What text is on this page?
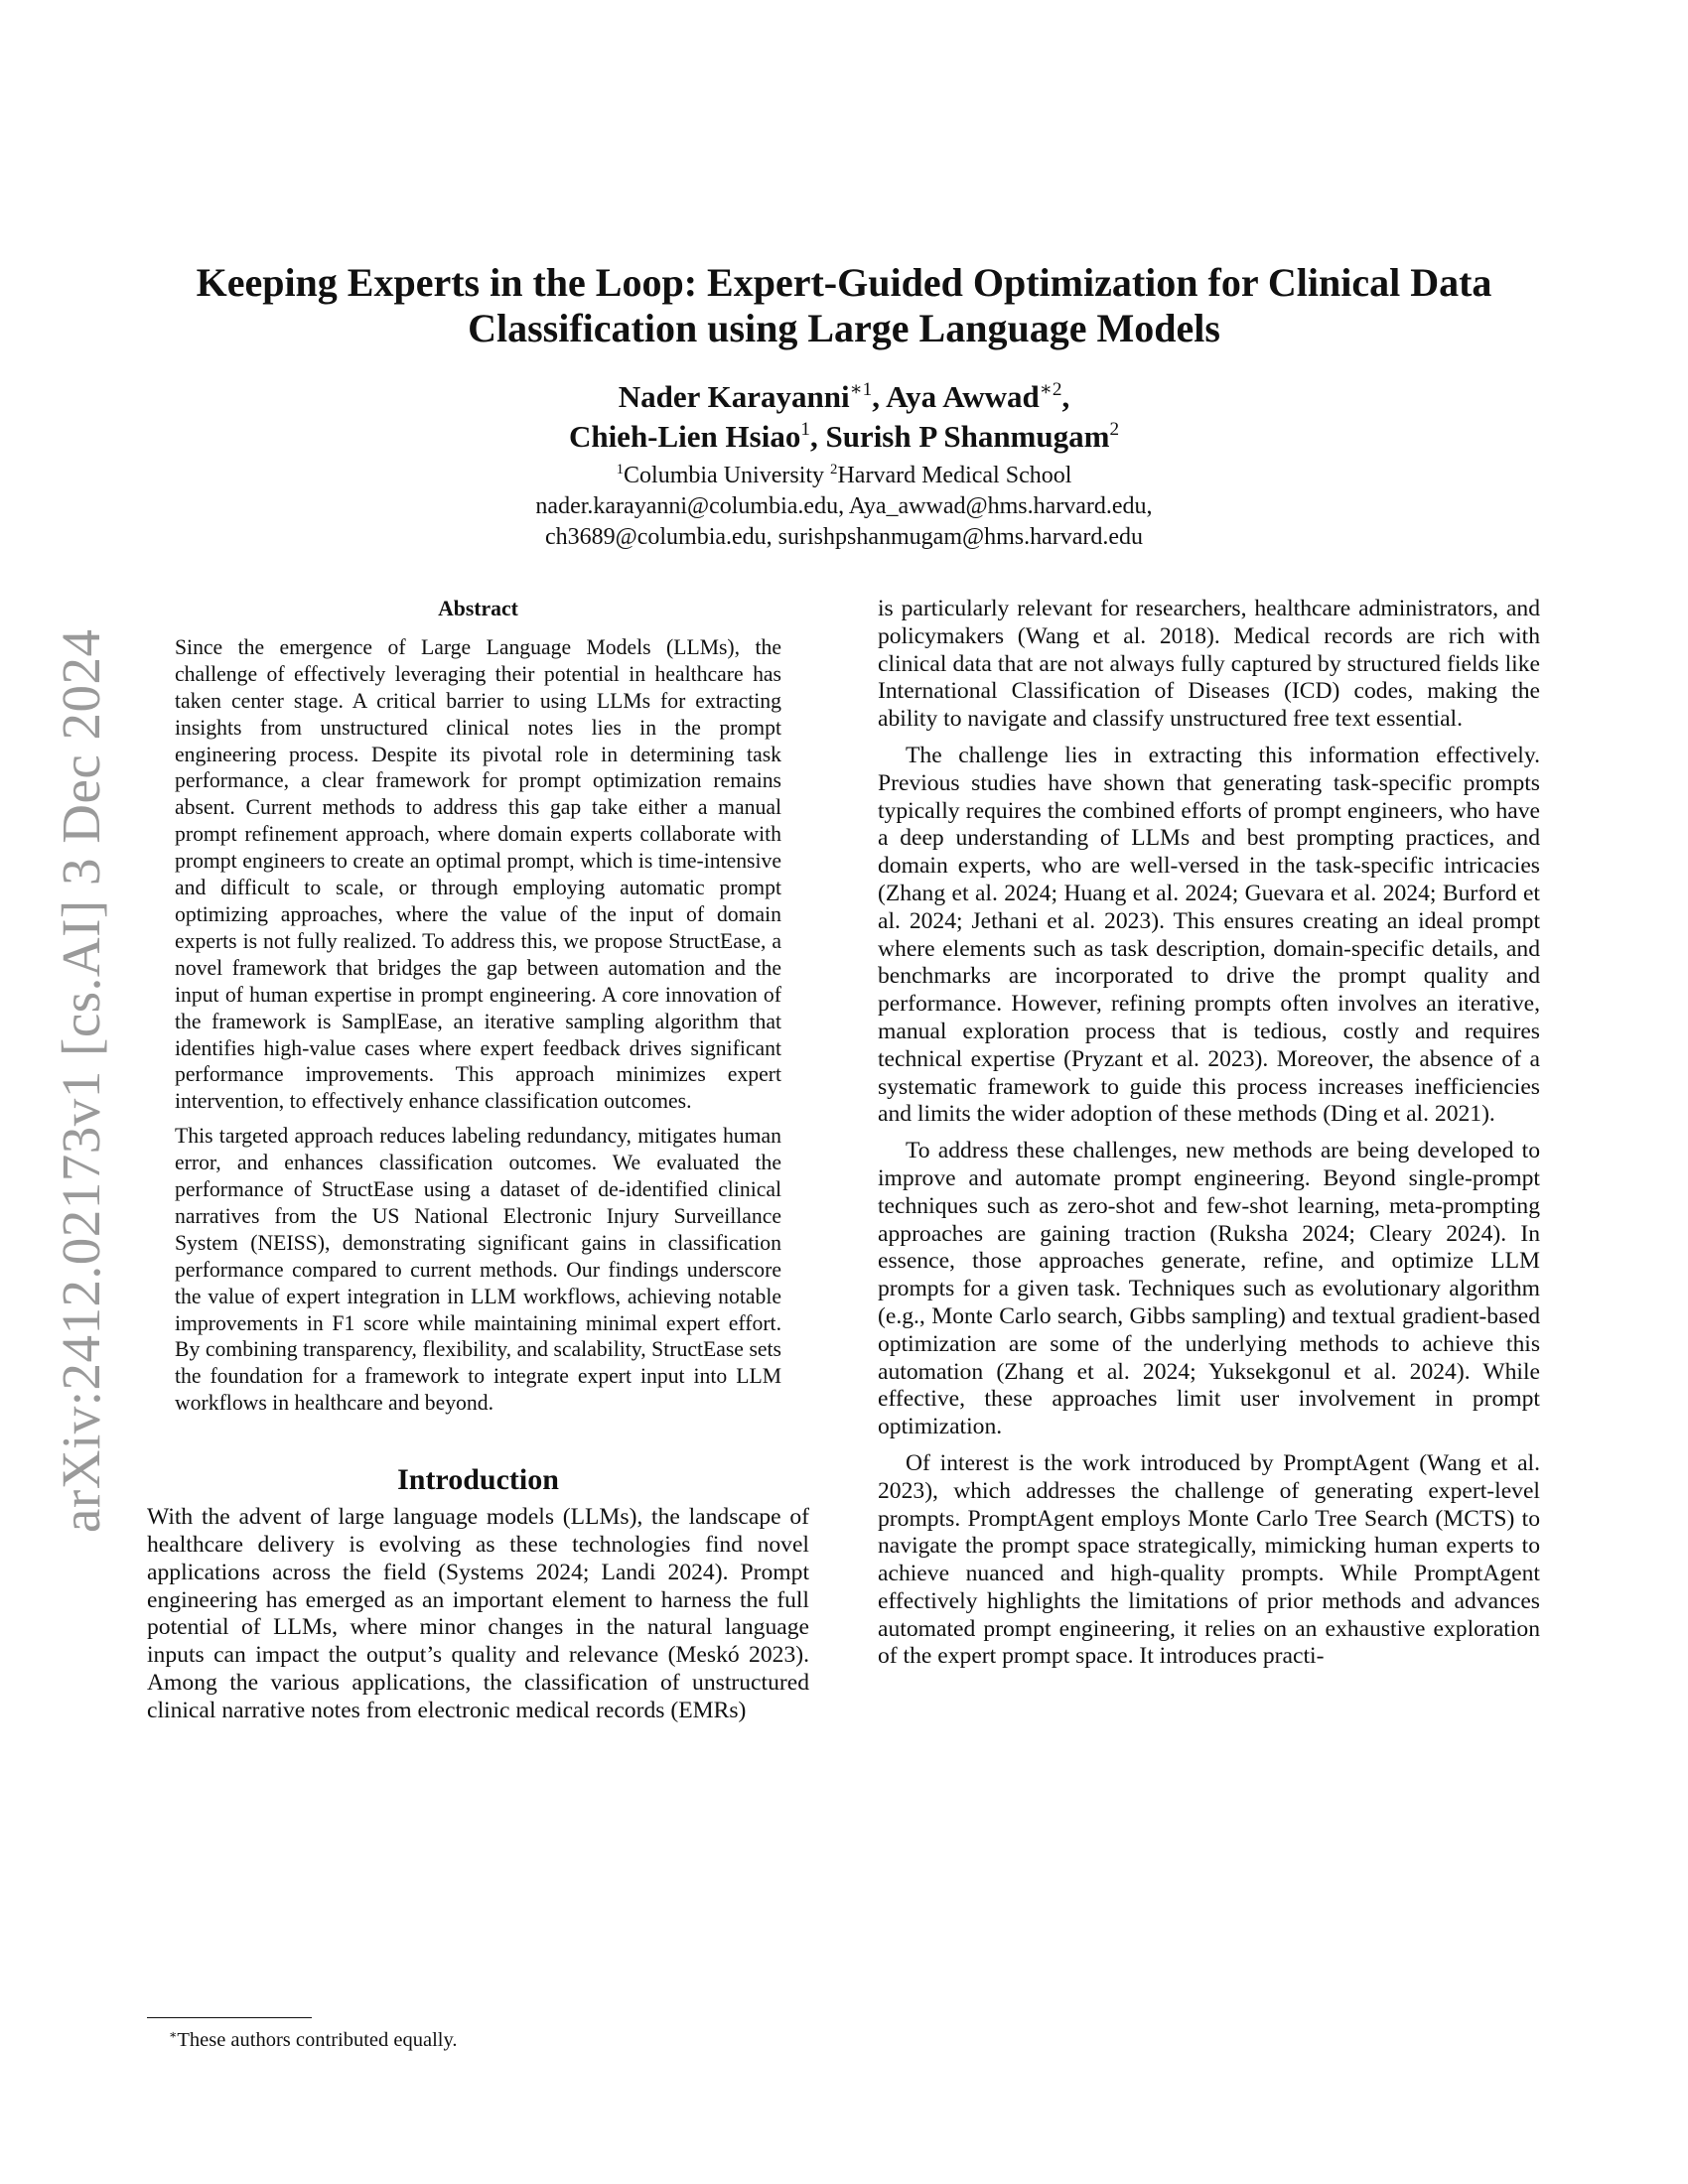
arXiv:2412.02173v1 [cs.AI] 3 Dec 2024
Keeping Experts in the Loop: Expert-Guided Optimization for Clinical Data
Classification using Large Language Models
Nader Karayanni$^{∗1}$, Aya Awwad$^{∗2}$,
Chieh-Lien Hsiao$^1$, Surish P Shanmugam$^2$
$^1$Columbia University $^2$Harvard Medical School
nader.karayanni@columbia.edu, Aya_awwad@hms.harvard.edu,
ch3689@columbia.edu, surishpshanmugam@hms.harvard.edu

Abstract

Since the emergence of Large Language Models (LLMs), the challenge of effectively leveraging their potential in healthcare has taken center stage. A critical barrier to using LLMs for extracting insights from unstructured clinical notes lies in the prompt engineering process. Despite its pivotal role in determining task performance, a clear framework for prompt optimization remains absent. Current methods to address this gap take either a manual prompt refinement approach, where domain experts collaborate with prompt engineers to create an optimal prompt, which is time-intensive and difficult to scale, or through employing automatic prompt optimizing approaches, where the value of the input of domain experts is not fully realized. To address this, we propose StructEase, a novel framework that bridges the gap between automation and the input of human expertise in prompt engineering. A core innovation of the framework is SamplEase, an iterative sampling algorithm that identifies high-value cases where expert feedback drives significant performance improvements. This approach minimizes expert intervention, to effectively enhance classification outcomes.

This targeted approach reduces labeling redundancy, mitigates human error, and enhances classification outcomes. We evaluated the performance of StructEase using a dataset of de-identified clinical narratives from the US National Electronic Injury Surveillance System (NEISS), demonstrating significant gains in classification performance compared to current methods. Our findings underscore the value of expert integration in LLM workflows, achieving notable improvements in F1 score while maintaining minimal expert effort. By combining transparency, flexibility, and scalability, StructEase sets the foundation for a framework to integrate expert input into LLM workflows in healthcare and beyond.

Introduction

With the advent of large language models (LLMs), the landscape of healthcare delivery is evolving as these technologies find novel applications across the field (Systems 2024; Landi 2024). Prompt engineering has emerged as an important element to harness the full potential of LLMs, where minor changes in the natural language inputs can impact the output’s quality and relevance (Meskó 2023). Among the various applications, the classification of unstructured clinical narrative notes from electronic medical records (EMRs)

is particularly relevant for researchers, healthcare administrators, and policymakers (Wang et al. 2018). Medical records are rich with clinical data that are not always fully captured by structured fields like International Classification of Diseases (ICD) codes, making the ability to navigate and classify unstructured free text essential.

The challenge lies in extracting this information effectively. Previous studies have shown that generating task-specific prompts typically requires the combined efforts of prompt engineers, who have a deep understanding of LLMs and best prompting practices, and domain experts, who are well-versed in the task-specific intricacies (Zhang et al. 2024; Huang et al. 2024; Guevara et al. 2024; Burford et al. 2024; Jethani et al. 2023). This ensures creating an ideal prompt where elements such as task description, domain-specific details, and benchmarks are incorporated to drive the prompt quality and performance. However, refining prompts often involves an iterative, manual exploration process that is tedious, costly and requires technical expertise (Pryzant et al. 2023). Moreover, the absence of a systematic framework to guide this process increases inefficiencies and limits the wider adoption of these methods (Ding et al. 2021).

To address these challenges, new methods are being developed to improve and automate prompt engineering. Beyond single-prompt techniques such as zero-shot and few-shot learning, meta-prompting approaches are gaining traction (Ruksha 2024; Cleary 2024). In essence, those approaches generate, refine, and optimize LLM prompts for a given task. Techniques such as evolutionary algorithm (e.g., Monte Carlo search, Gibbs sampling) and textual gradient-based optimization are some of the underlying methods to achieve this automation (Zhang et al. 2024; Yuksekgonul et al. 2024). While effective, these approaches limit user involvement in prompt optimization.

Of interest is the work introduced by PromptAgent (Wang et al. 2023), which addresses the challenge of generating expert-level prompts. PromptAgent employs Monte Carlo Tree Search (MCTS) to navigate the prompt space strategically, mimicking human experts to achieve nuanced and high-quality prompts. While PromptAgent effectively highlights the limitations of prior methods and advances automated prompt engineering, it relies on an exhaustive exploration of the expert prompt space. It introduces practi-

∗These authors contributed equally.
